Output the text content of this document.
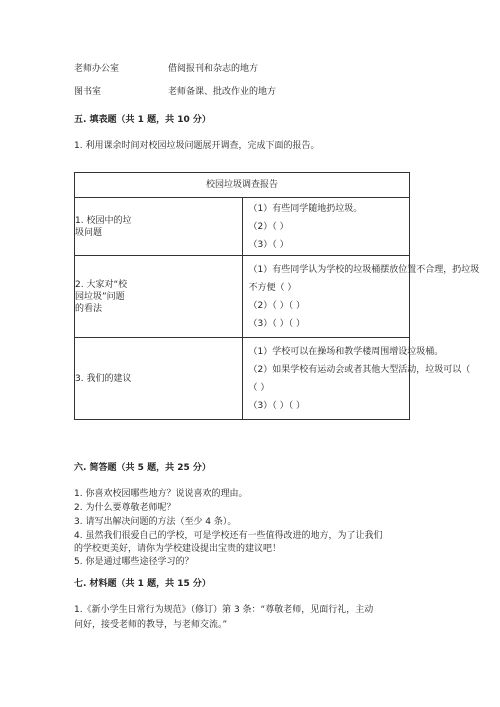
老师办公室	借阅报刊和杂志的地方
图书室	老师备课、批改作业的地方
五. 填表题（共 1 题，共 10 分）
1. 利用课余时间对校园垃圾问题展开调查，完成下面的报告。
校园垃圾调查报告	

1. 校园中的垃
圾问题	（1）有些同学随地扔垃圾。
（2）（ ）
（3）（ ）

2. 大家对“校
园垃圾”问题
的看法	（1）有些同学认为学校的垃圾桶摆放位置不合理，扔垃圾
不方便（ ）
（2）（ ）（ ）
（3）（ ）（ ）

3. 我们的建议	（1）学校可以在操场和教学楼周围增设垃圾桶。
（2）如果学校有运动会或者其他大型活动，垃圾可以（
（ ）
（3）（ ）（ ）
六. 简答题（共 5 题，共 25 分）
1. 你喜欢校园哪些地方？说说喜欢的理由。
2. 为什么要尊敬老师呢？
3. 请写出解决问题的方法（至少 4 条）。
4. 虽然我们很爱自己的学校，可是学校还有一些值得改进的地方，为了让我们
的学校更美好，请你为学校建设提出宝贵的建议吧！
5. 你是通过哪些途径学习的？
七. 材料题（共 1 题，共 15 分）
1.《新小学生日常行为规范》（修订）第 3 条：“尊敬老师，见面行礼，主动
问好，接受老师的教导，与老师交流。”
